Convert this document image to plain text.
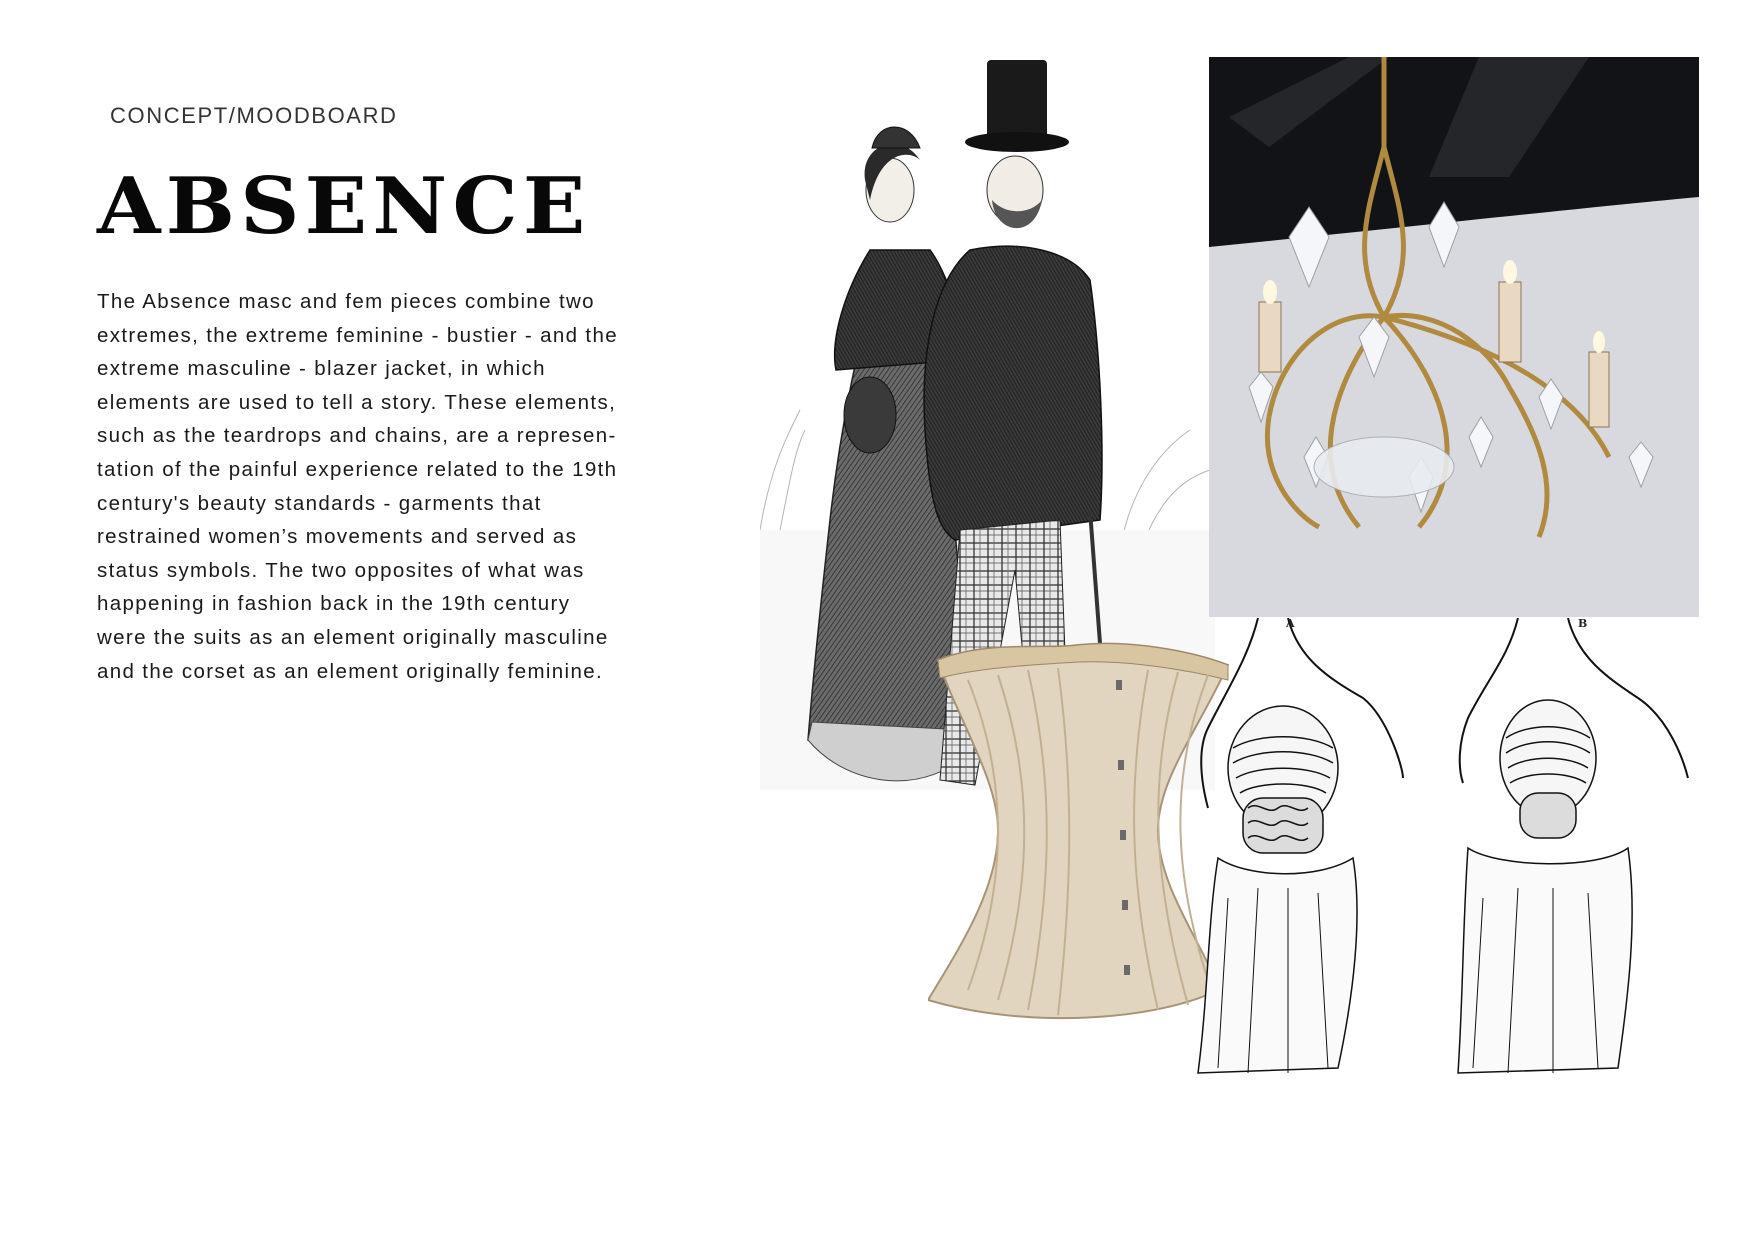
CONCEPT/MOODBOARD
ABSENCE
The Absence masc and fem pieces combine two
extremes, the extreme feminine - bustier - and the
extreme masculine - blazer jacket, in which
elements are used to tell a story. These elements,
such as the teardrops and chains, are a represen-
tation of the painful experience related to the 19th
century's beauty standards - garments that
restrained women’s movements and served as
status symbols. The two opposites of what was
happening in fashion back in the 19th century
were the suits as an element originally masculine
and the corset as an element originally feminine.
A	B
